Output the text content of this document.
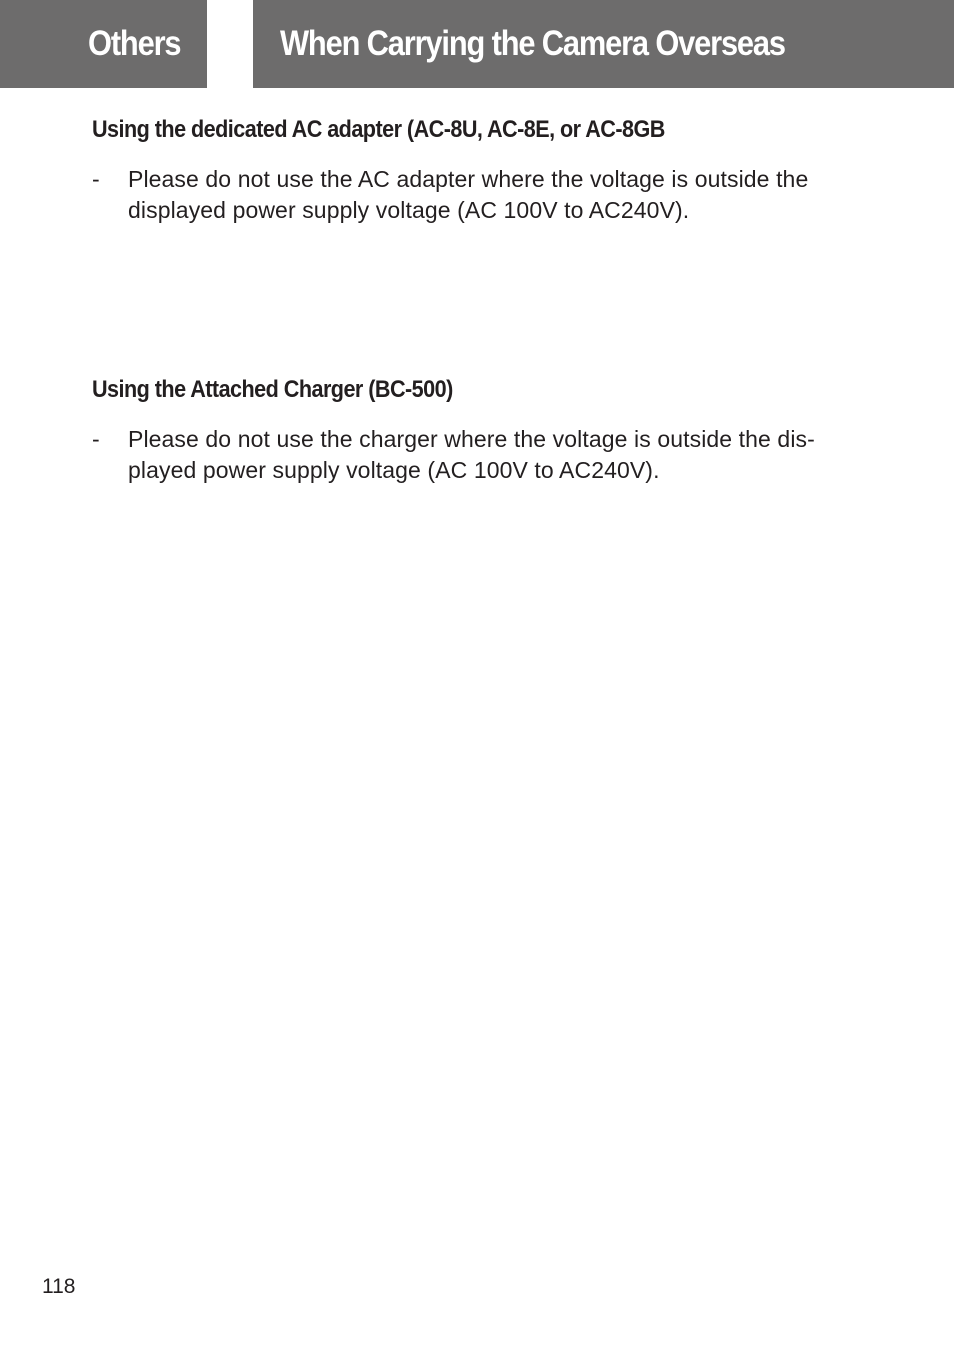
Others	When Carrying the Camera Overseas
Using the dedicated AC adapter (AC-8U, AC-8E, or AC-8GB
- Please do not use the AC adapter where the voltage is outside the
displayed power supply voltage (AC 100V to AC240V).
Using the Attached Charger (BC-500)
- Please do not use the charger where the voltage is outside the dis-
played power supply voltage (AC 100V to AC240V).
118
